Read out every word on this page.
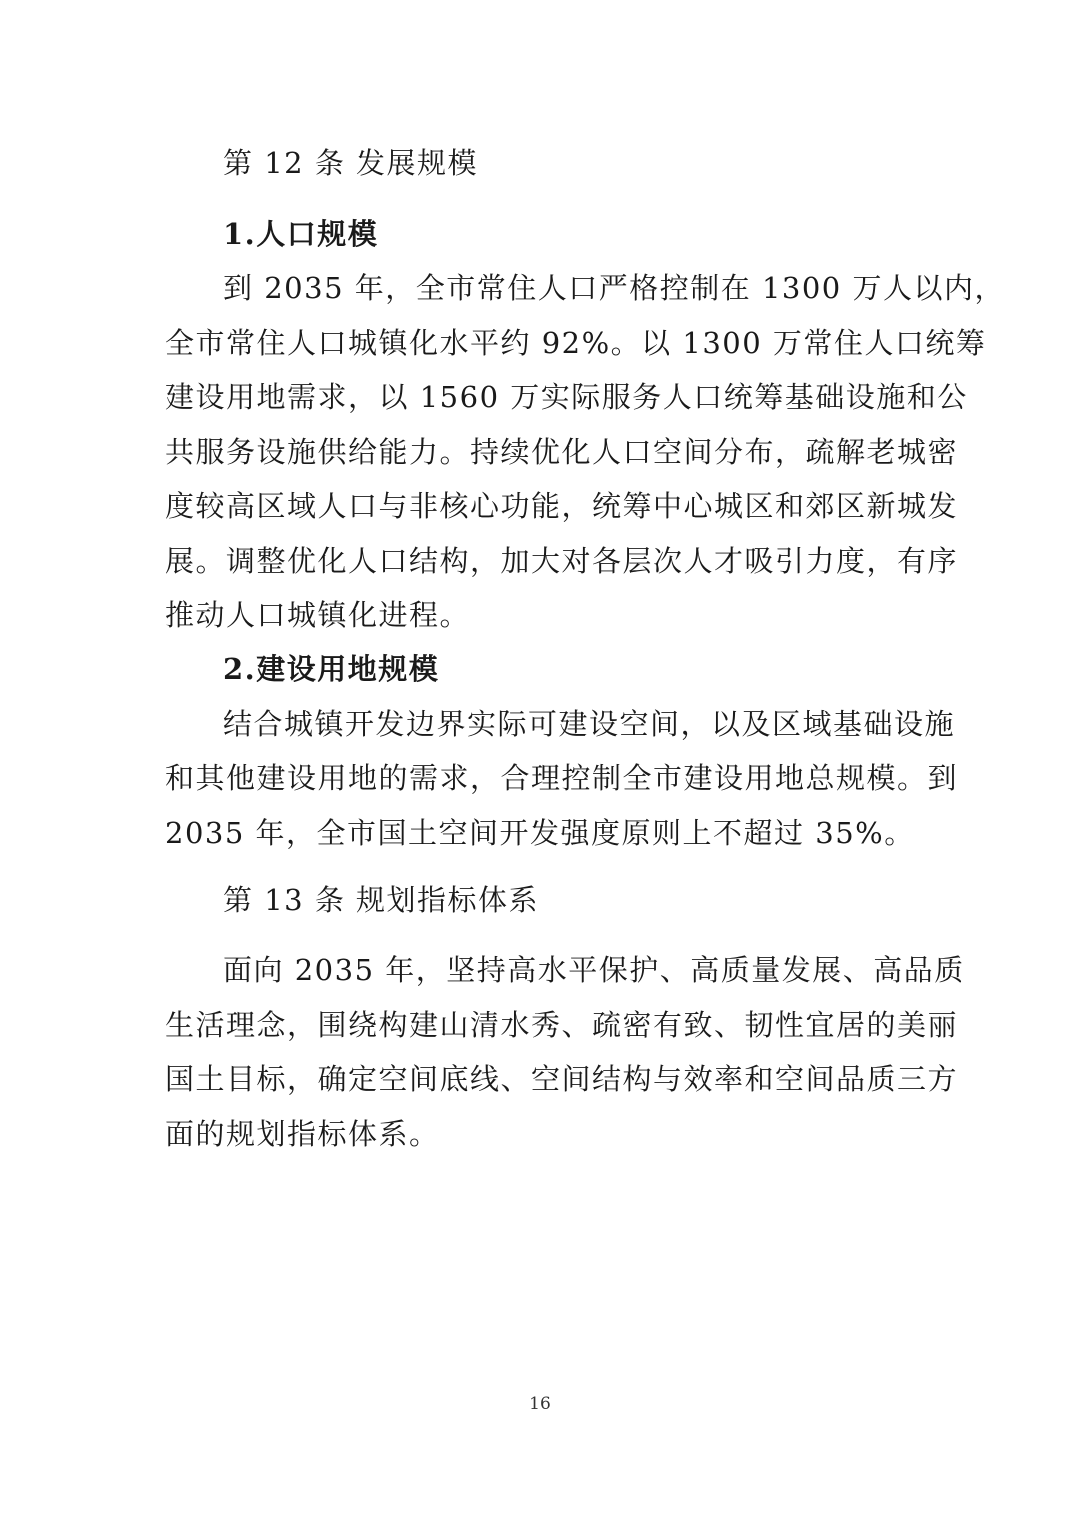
第 12 条 发展规模
1.人口规模
到 2035 年，全市常住人口严格控制在 1300 万人以内，
全市常住人口城镇化水平约 92%。以 1300 万常住人口统筹
建设用地需求，以 1560 万实际服务人口统筹基础设施和公
共服务设施供给能力。持续优化人口空间分布，疏解老城密
度较高区域人口与非核心功能，统筹中心城区和郊区新城发
展。调整优化人口结构，加大对各层次人才吸引力度，有序
推动人口城镇化进程。
2.建设用地规模
结合城镇开发边界实际可建设空间，以及区域基础设施
和其他建设用地的需求，合理控制全市建设用地总规模。到
2035 年，全市国土空间开发强度原则上不超过 35%。
第 13 条 规划指标体系
面向 2035 年，坚持高水平保护、高质量发展、高品质
生活理念，围绕构建山清水秀、疏密有致、韧性宜居的美丽
国土目标，确定空间底线、空间结构与效率和空间品质三方
面的规划指标体系。
16
